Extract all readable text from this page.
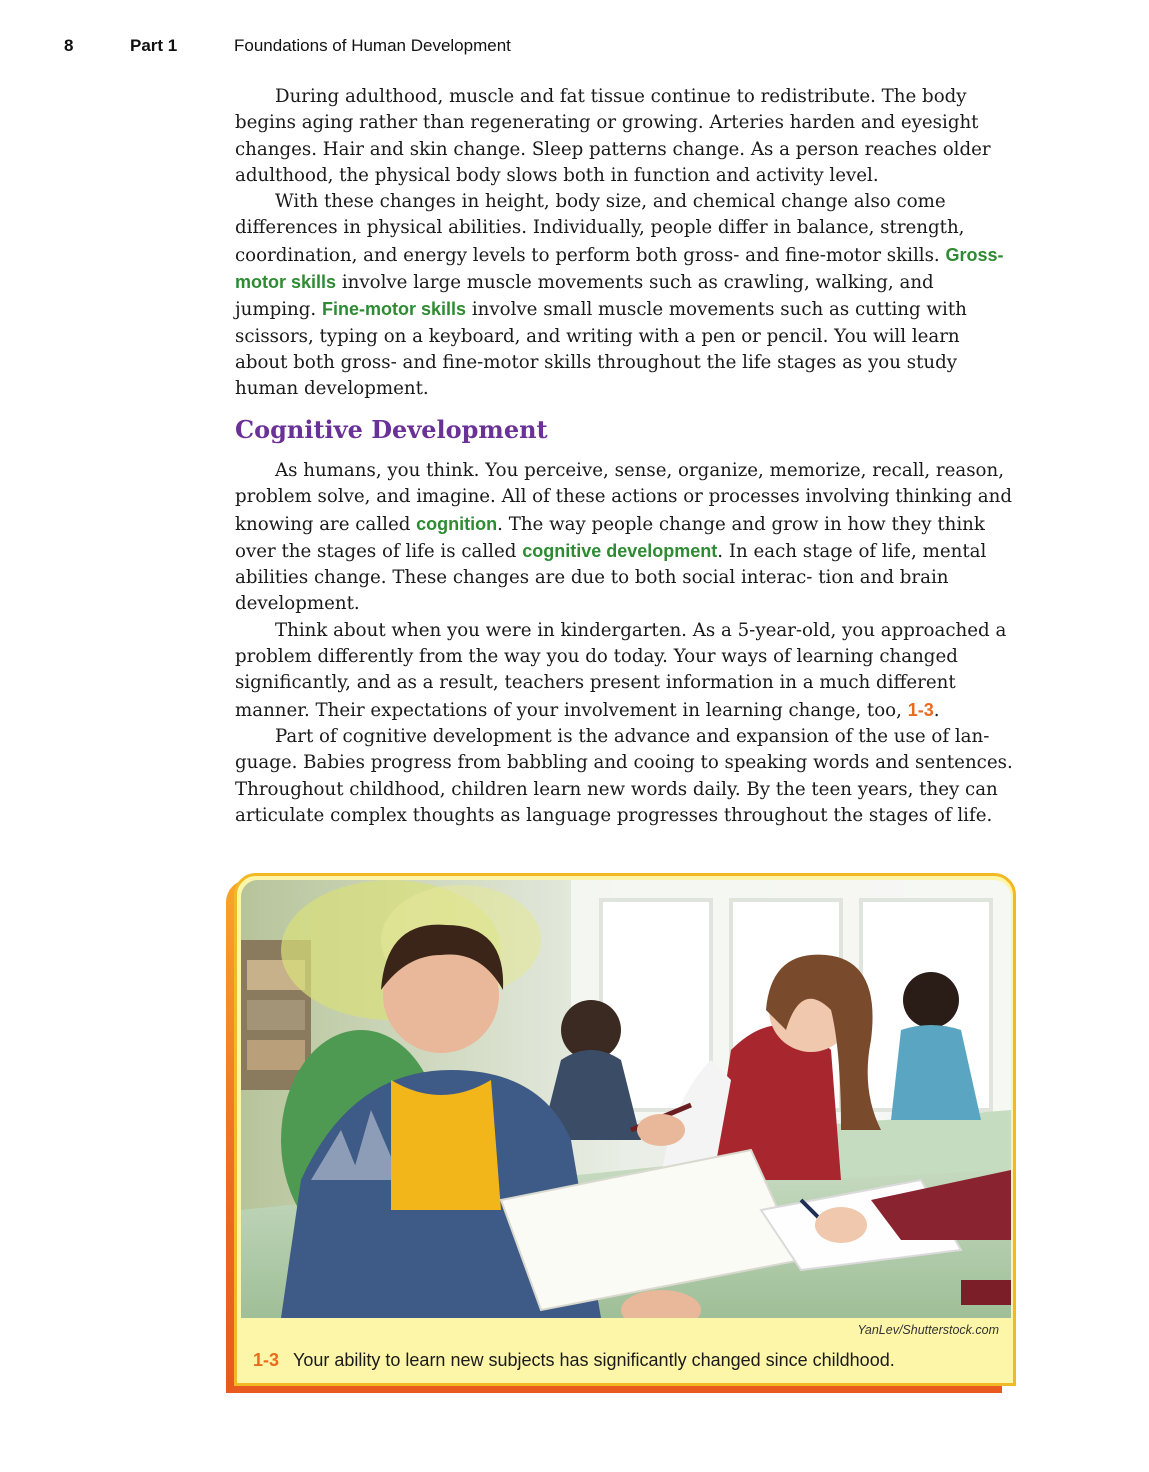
8	Part 1	Foundations of Human Development

During adulthood, muscle and fat tissue continue to redistribute. The body begins aging rather than regenerating or growing. Arteries harden and eyesight changes. Hair and skin change. Sleep patterns change. As a person reaches older adulthood, the physical body slows both in function and activity level.

With these changes in height, body size, and chemical change also come differences in physical abilities. Individually, people differ in balance, strength, coordination, and energy levels to perform both gross- and fine-motor skills. Gross-motor skills involve large muscle movements such as crawling, walking, and jumping. Fine-motor skills involve small muscle movements such as cutting with scissors, typing on a keyboard, and writing with a pen or pencil. You will learn about both gross- and fine-motor skills throughout the life stages as you study human development.

Cognitive Development

As humans, you think. You perceive, sense, organize, memorize, recall, reason, problem solve, and imagine. All of these actions or processes involving thinking and knowing are called cognition. The way people change and grow in how they think over the stages of life is called cognitive development. In each stage of life, mental abilities change. These changes are due to both social interac- tion and brain development.

Think about when you were in kindergarten. As a 5-year-old, you approached a problem differently from the way you do today. Your ways of learning changed significantly, and as a result, teachers present information in a much different manner. Their expectations of your involvement in learning change, too, 1-3.

Part of cognitive development is the advance and expansion of the use of lan- guage. Babies progress from babbling and cooing to speaking words and sentences. Throughout childhood, children learn new words daily. By the teen years, they can articulate complex thoughts as language progresses throughout the stages of life.

YanLev/Shutterstock.com
1-3 Your ability to learn new subjects has significantly changed since childhood.
